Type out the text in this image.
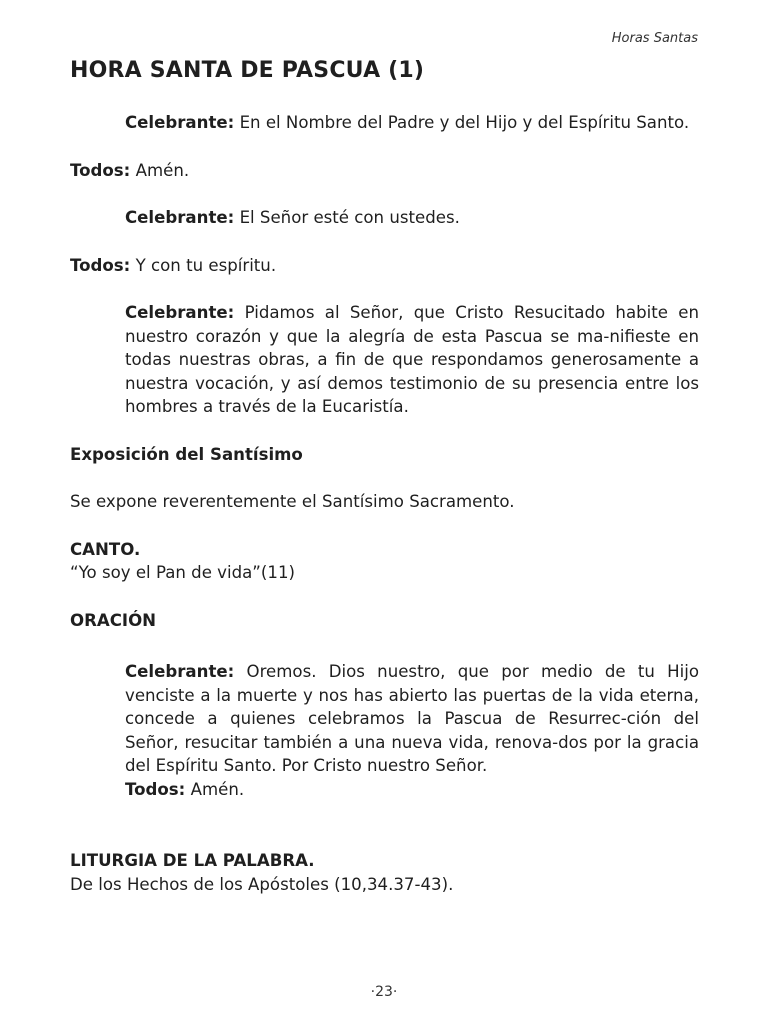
Horas Santas
HORA SANTA DE PASCUA (1)

Celebrante: En el Nombre del Padre y del Hijo y del Espíritu Santo.

Todos: Amén.

Celebrante: El Señor esté con ustedes.

Todos: Y con tu espíritu.

Celebrante: Pidamos al Señor, que Cristo Resucitado habite en nuestro corazón y que la alegría de esta Pascua se ma-nifieste en todas nuestras obras, a fin de que respondamos generosamente a nuestra vocación, y así demos testimonio de su presencia entre los hombres a través de la Eucaristía.

Exposición del Santísimo

Se expone reverentemente el Santísimo Sacramento.

CANTO.

“Yo soy el Pan de vida”(11)

ORACIÓN

Celebrante: Oremos. Dios nuestro, que por medio de tu Hijo venciste a la muerte y nos has abierto las puertas de la vida eterna, concede a quienes celebramos la Pascua de Resurrec-ción del Señor, resucitar también a una nueva vida, renova-dos por la gracia del Espíritu Santo. Por Cristo nuestro Señor.

Todos: Amén.

LITURGIA DE LA PALABRA.

De los Hechos de los Apóstoles (10,34.37-43).

·23·
